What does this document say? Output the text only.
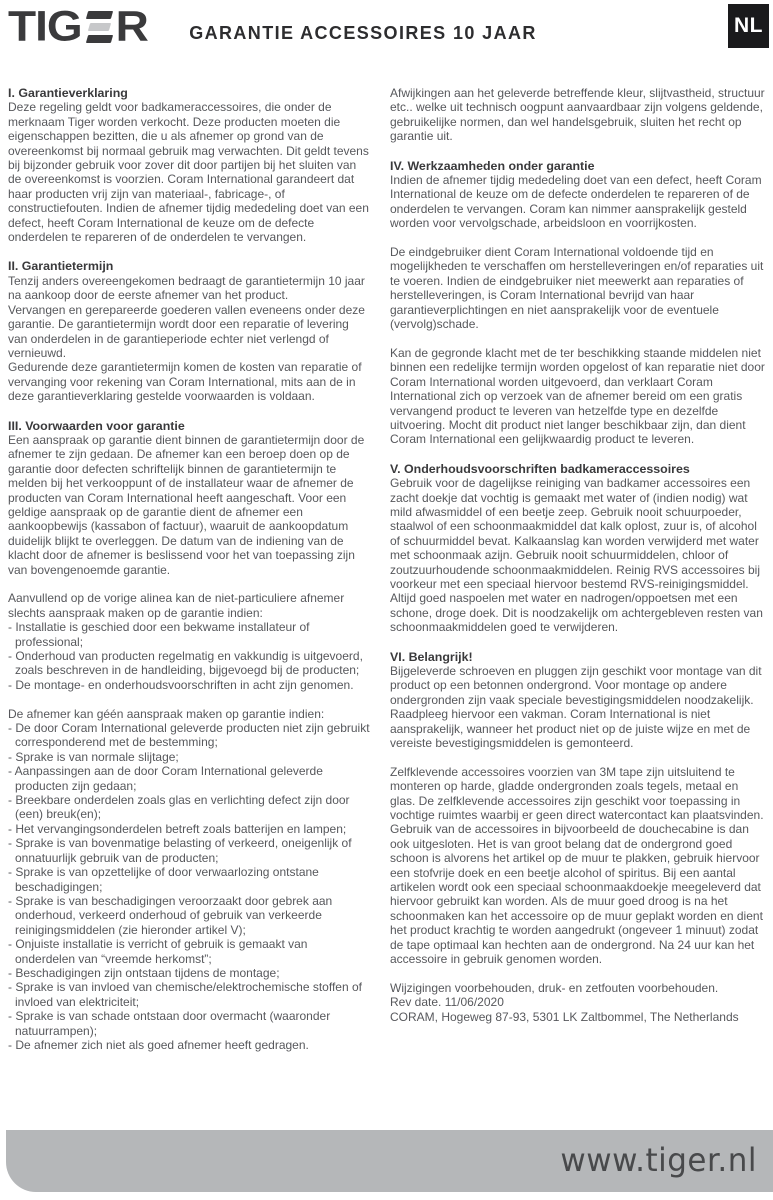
TIG R GARANTIE ACCESSOIRES 10 JAAR	NL
I. Garantieverklaring

Deze regeling geldt voor badkameraccessoires, die onder de merknaam Tiger worden verkocht. Deze producten moeten die eigenschappen bezitten, die u als afnemer op grond van de overeenkomst bij normaal gebruik mag verwachten. Dit geldt tevens bij bijzonder gebruik voor zover dit door partijen bij het sluiten van de overeenkomst is voorzien. Coram International garandeert dat haar producten vrij zijn van materiaal-, fabricage-, of constructiefouten. Indien de afnemer tijdig mededeling doet van een defect, heeft Coram International de keuze om de defecte onderdelen te repareren of de onderdelen te vervangen.

II. Garantietermijn

Tenzij anders overeengekomen bedraagt de garantietermijn 10 jaar na aankoop door de eerste afnemer van het product.

Vervangen en gerepareerde goederen vallen eveneens onder deze garantie. De garantietermijn wordt door een reparatie of levering van onderdelen in de garantieperiode echter niet verlengd of vernieuwd.

Gedurende deze garantietermijn komen de kosten van reparatie of vervanging voor rekening van Coram International, mits aan de in deze garantieverklaring gestelde voorwaarden is voldaan.

III. Voorwaarden voor garantie

Een aanspraak op garantie dient binnen de garantietermijn door de afnemer te zijn gedaan. De afnemer kan een beroep doen op de garantie door defecten schriftelijk binnen de garantietermijn te melden bij het verkooppunt of de installateur waar de afnemer de producten van Coram International heeft aangeschaft. Voor een geldige aanspraak op de garantie dient de afnemer een aankoopbewijs (kassabon of factuur), waaruit de aankoopdatum duidelijk blijkt te overleggen. De datum van de indiening van de klacht door de afnemer is beslissend voor het van toepassing zijn van bovengenoemde garantie.

Aanvullend op de vorige alinea kan de niet-particuliere afnemer slechts aanspraak maken op de garantie indien:

- Installatie is geschied door een bekwame installateur of professional;
- Onderhoud van producten regelmatig en vakkundig is uitgevoerd, zoals beschreven in de handleiding, bijgevoegd bij de producten;
- De montage- en onderhoudsvoorschriften in acht zijn genomen.

De afnemer kan géén aanspraak maken op garantie indien:

- De door Coram International geleverde producten niet zijn gebruikt corresponderend met de bestemming;
- Sprake is van normale slijtage;
- Aanpassingen aan de door Coram International geleverde producten zijn gedaan;
- Breekbare onderdelen zoals glas en verlichting defect zijn door (een) breuk(en);
- Het vervangingsonderdelen betreft zoals batterijen en lampen;
- Sprake is van bovenmatige belasting of verkeerd, oneigenlijk of onnatuurlijk gebruik van de producten;
- Sprake is van opzettelijke of door verwaarlozing ontstane beschadigingen;
- Sprake is van beschadigingen veroorzaakt door gebrek aan onderhoud, verkeerd onderhoud of gebruik van verkeerde reinigingsmiddelen (zie hieronder artikel V);
- Onjuiste installatie is verricht of gebruik is gemaakt van onderdelen van “vreemde herkomst”;
- Beschadigingen zijn ontstaan tijdens de montage;
- Sprake is van invloed van chemische/elektrochemische stoffen of invloed van elektriciteit;
- Sprake is van schade ontstaan door overmacht (waaronder natuurrampen);
- De afnemer zich niet als goed afnemer heeft gedragen.

Afwijkingen aan het geleverde betreffende kleur, slijtvastheid, structuur etc.. welke uit technisch oogpunt aanvaardbaar zijn volgens geldende, gebruikelijke normen, dan wel handelsgebruik, sluiten het recht op garantie uit.

IV. Werkzaamheden onder garantie

Indien de afnemer tijdig mededeling doet van een defect, heeft Coram International de keuze om de defecte onderdelen te repareren of de onderdelen te vervangen. Coram kan nimmer aansprakelijk gesteld worden voor vervolgschade, arbeidsloon en voorrijkosten.

De eindgebruiker dient Coram International voldoende tijd en mogelijkheden te verschaffen om herstelleveringen en/of reparaties uit te voeren. Indien de eindgebruiker niet meewerkt aan reparaties of herstelleveringen, is Coram International bevrijd van haar garantieverplichtingen en niet aansprakelijk voor de eventuele (vervolg)schade.

Kan de gegronde klacht met de ter beschikking staande middelen niet binnen een redelijke termijn worden opgelost of kan reparatie niet door Coram International worden uitgevoerd, dan verklaart Coram International zich op verzoek van de afnemer bereid om een gratis vervangend product te leveren van hetzelfde type en dezelfde uitvoering. Mocht dit product niet langer beschikbaar zijn, dan dient Coram International een gelijkwaardig product te leveren.

V. Onderhoudsvoorschriften badkameraccessoires

Gebruik voor de dagelijkse reiniging van badkamer accessoires een zacht doekje dat vochtig is gemaakt met water of (indien nodig) wat mild afwasmiddel of een beetje zeep. Gebruik nooit schuurpoeder, staalwol of een schoonmaakmiddel dat kalk oplost, zuur is, of alcohol of schuurmiddel bevat. Kalkaanslag kan worden verwijderd met water met schoonmaak azijn. Gebruik nooit schuurmiddelen, chloor of zoutzuurhoudende schoonmaakmiddelen. Reinig RVS accessoires bij voorkeur met een speciaal hiervoor bestemd RVS-reinigingsmiddel. Altijd goed naspoelen met water en nadrogen/oppoetsen met een schone, droge doek. Dit is noodzakelijk om achtergebleven resten van schoonmaakmiddelen goed te verwijderen.

VI. Belangrijk!

Bijgeleverde schroeven en pluggen zijn geschikt voor montage van dit product op een betonnen ondergrond. Voor montage op andere ondergronden zijn vaak speciale bevestigingsmiddelen noodzakelijk. Raadpleeg hiervoor een vakman. Coram International is niet aansprakelijk, wanneer het product niet op de juiste wijze en met de vereiste bevestigingsmiddelen is gemonteerd.

Zelfklevende accessoires voorzien van 3M tape zijn uitsluitend te monteren op harde, gladde ondergronden zoals tegels, metaal en glas. De zelfklevende accessoires zijn geschikt voor toepassing in vochtige ruimtes waarbij er geen direct watercontact kan plaatsvinden. Gebruik van de accessoires in bijvoorbeeld de douchecabine is dan ook uitgesloten. Het is van groot belang dat de ondergrond goed schoon is alvorens het artikel op de muur te plakken, gebruik hiervoor een stofvrije doek en een beetje alcohol of spiritus. Bij een aantal artikelen wordt ook een speciaal schoonmaakdoekje meegeleverd dat hiervoor gebruikt kan worden. Als de muur goed droog is na het schoonmaken kan het accessoire op de muur geplakt worden en dient het product krachtig te worden aangedrukt (ongeveer 1 minuut) zodat de tape optimaal kan hechten aan de ondergrond. Na 24 uur kan het accessoire in gebruik genomen worden.

Wijzigingen voorbehouden, druk- en zetfouten voorbehouden.

Rev date. 11/06/2020

CORAM, Hogeweg 87-93, 5301 LK Zaltbommel, The Netherlands

www.tiger.nl
